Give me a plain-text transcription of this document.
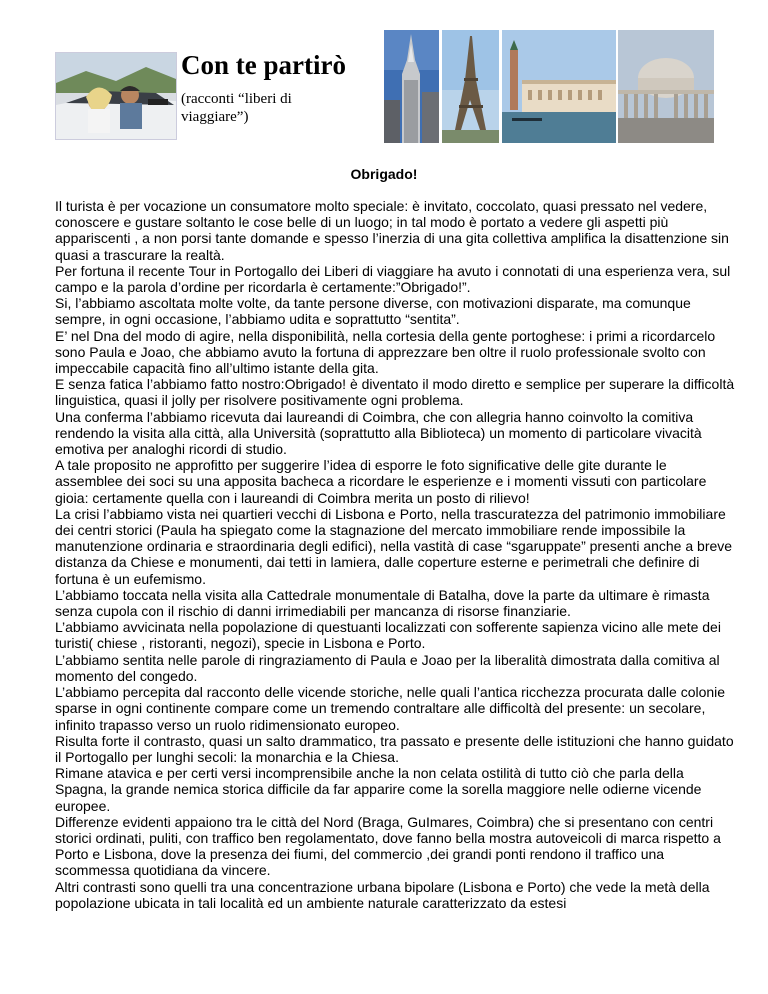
Con te partirò
(racconti “liberi di viaggiare”)
Obrigado!

Il turista è per vocazione un consumatore molto speciale: è invitato, coccolato, quasi pressato nel vedere, conoscere e gustare soltanto le cose belle di un luogo; in tal modo è portato a vedere gli aspetti più appariscenti , a non porsi tante domande e spesso l’inerzia di una gita collettiva amplifica la disattenzione sin quasi a trascurare la realtà.

Per fortuna il recente Tour in Portogallo dei Liberi di viaggiare ha avuto i connotati di una esperienza vera, sul campo e la parola d’ordine per ricordarla è certamente:”Obrigado!”.

Si, l’abbiamo ascoltata molte volte, da tante persone diverse, con motivazioni disparate, ma comunque sempre, in ogni occasione, l’abbiamo udita e soprattutto “sentita”.

E’ nel Dna del modo di agire, nella disponibilità, nella cortesia della gente portoghese: i primi a ricordarcelo sono Paula e Joao, che abbiamo avuto la fortuna di apprezzare ben oltre il ruolo professionale svolto con impeccabile capacità fino all’ultimo istante della gita.

E senza fatica l’abbiamo fatto nostro:Obrigado! è diventato il modo diretto e semplice per superare la difficoltà linguistica, quasi il jolly per risolvere positivamente ogni problema.

Una conferma l’abbiamo ricevuta dai laureandi di Coimbra, che con allegria hanno coinvolto la comitiva rendendo la visita alla città, alla Università (soprattutto alla Biblioteca) un momento di particolare vivacità emotiva per analoghi ricordi di studio.

A tale proposito ne approfitto per suggerire l’idea di esporre le foto significative delle gite durante le assemblee dei soci su una apposita bacheca a ricordare le esperienze e i momenti vissuti con particolare gioia: certamente quella con i laureandi di Coimbra merita un posto di rilievo!

La crisi l’abbiamo vista nei quartieri vecchi di Lisbona e Porto, nella trascuratezza del patrimonio immobiliare dei centri storici (Paula ha spiegato come la stagnazione del mercato immobiliare rende impossibile la manutenzione ordinaria e straordinaria degli edifici), nella vastità di case “sgaruppate” presenti anche a breve distanza da Chiese e monumenti, dai tetti in lamiera, dalle coperture esterne e perimetrali che definire di fortuna è un eufemismo.

L’abbiamo toccata nella visita alla Cattedrale monumentale di Batalha, dove la parte da ultimare è rimasta senza cupola con il rischio di danni irrimediabili per mancanza di risorse finanziarie.

L’abbiamo avvicinata nella popolazione di questuanti localizzati con sofferente sapienza vicino alle mete dei turisti( chiese , ristoranti, negozi), specie in Lisbona e Porto.

L’abbiamo sentita nelle parole di ringraziamento di Paula e Joao per la liberalità dimostrata dalla comitiva al momento del congedo.

L’abbiamo percepita dal racconto delle vicende storiche, nelle quali l’antica ricchezza procurata dalle colonie sparse in ogni continente compare come un tremendo contraltare alle difficoltà del presente: un secolare, infinito trapasso verso un ruolo ridimensionato europeo.

Risulta forte il contrasto, quasi un salto drammatico, tra passato e presente delle istituzioni che hanno guidato il Portogallo per lunghi secoli: la monarchia e la Chiesa.

Rimane atavica e per certi versi incomprensibile anche la non celata ostilità di tutto ciò che parla della Spagna, la grande nemica storica difficile da far apparire come la sorella maggiore nelle odierne vicende europee.

Differenze evidenti appaiono tra le città del Nord (Braga, GuImares, Coimbra) che si presentano con centri storici ordinati, puliti, con traffico ben regolamentato, dove fanno bella mostra autoveicoli di marca rispetto a Porto e Lisbona, dove la presenza dei fiumi, del commercio ,dei grandi ponti rendono il traffico una scommessa quotidiana da vincere.

Altri contrasti sono quelli tra una concentrazione urbana bipolare (Lisbona e Porto) che vede la metà della popolazione ubicata in tali località ed un ambiente naturale caratterizzato da estesi
